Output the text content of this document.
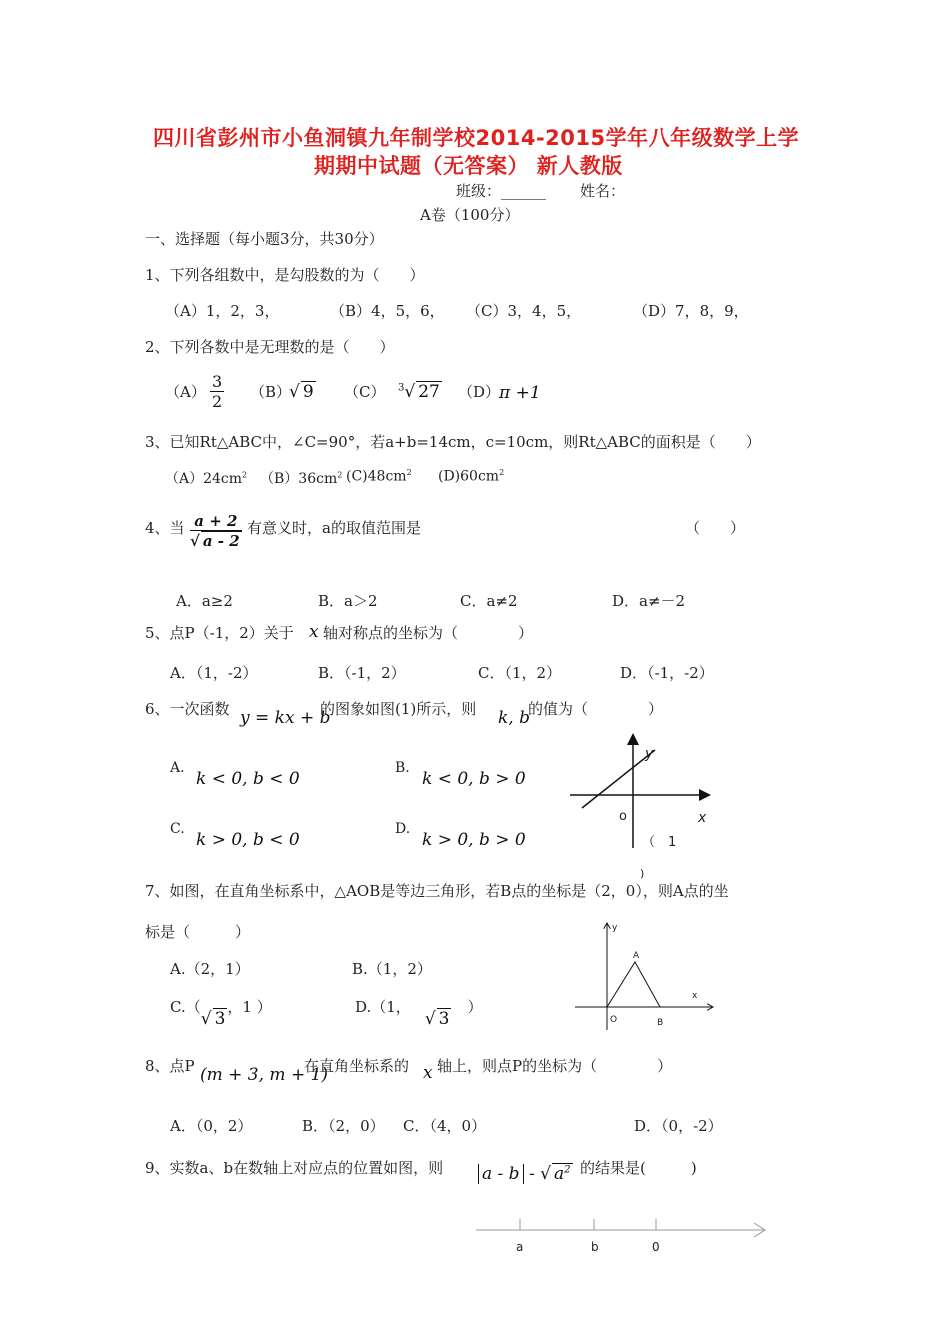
四川省彭州市小鱼洞镇九年制学校2014-2015学年八年级数学上学
期期中试题（无答案） 新人教版
班级：______ 姓名：
A卷（100分）
一、选择题（每小题3分，共30分）
1、下列各组数中，是勾股数的为（　　）
（A）1，2，3，	（B）4，5，6， （C）3，4，5，	（D）7，8，9，
2、下列各数中是无理数的是（　　）
$(A) \frac{3}{2} (B)$
√ 9 （C） $^3$√ 27 （D）
π +1
3、已知Rt△ABC中，∠C=90°，若a+b=14cm，c=10cm，则Rt△ABC的面积是（　　）
$(A)24cm^2$ $(B)36cm^2$ $(C)48cm^2$ $(D)60cm^2$
4、当 $\frac{a + 2}{√ a - 2}$ 有意义时，a的取值范围是	（　　）
A．a≥2	B．a＞2	C．a≠2	D．a≠－2
5、点P（-1，2）关于 x 轴对称点的坐标为（　　　　）
A．（1，-2）	B．（-1，2）	C．（1，2）	D．（-1，-2）
6、一次函数 y = kx + b
的图象如图(1)所示，则 k, b
的值为（　　　　）
A.
k < 0, b < 0
B.
k < 0, b > 0
C.
k > 0, b < 0
D.
k > 0, b > 0
y
x
o
（　1
)
7、如图，在直角坐标系中，△AOB是等边三角形，若B点的坐标是（2，0），则A点的坐
标是（　　　）
A.（2，1）	B.（1，2）
C.（√ 3，1 ）	D.（1，√ 3）
y
x
A
O	B
8、点P (m + 3, m + 1)
在直角坐标系的 x 轴上，则点P的坐标为（　　　　）
A．（0，2）	B．（2，0） C．（4，0）	D．（0，-2）
9、实数a、b在数轴上对应点的位置如图，则 a - b - √ $a^2$ 的结果是(　　　)
a	b	0
